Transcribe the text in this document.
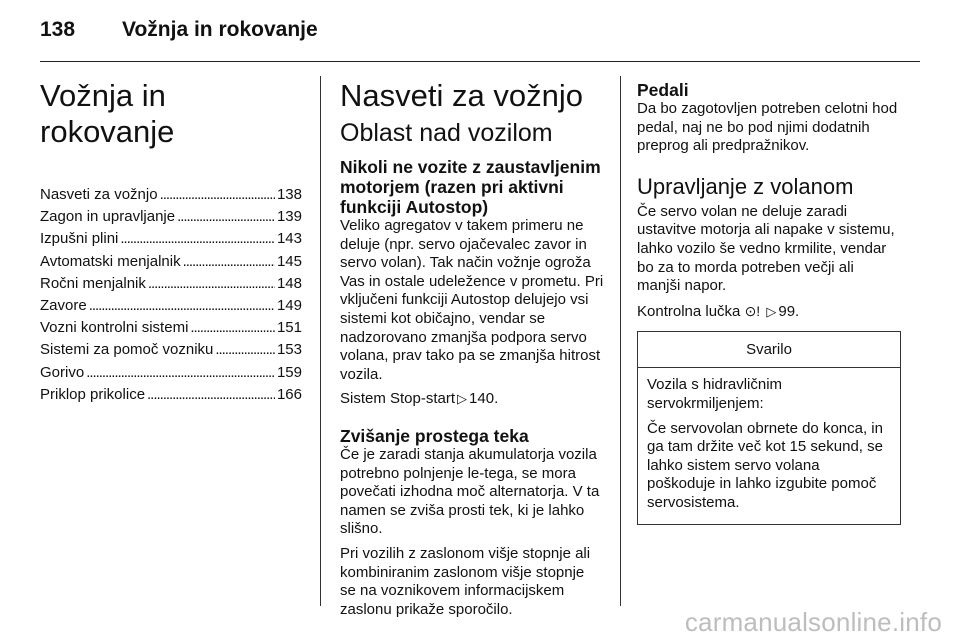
138 Vožnja in rokovanje
Vožnja in rokovanje
Nasveti za vožnjo . . .	138
Zagon in upravljanje . . .	139
Izpušni plini . . .	143
Avtomatski menjalnik . . .	145
Ročni menjalnik . . .	148
Zavore . . .	149
Vozni kontrolni sistemi . . .	151
Sistemi za pomoč vozniku . . .	153
Gorivo . . .	159
Priklop prikolice . . .	166
Nasveti za vožnjo
Oblast nad vozilom
Nikoli ne vozite z zaustavljenim motorjem (razen pri aktivni funkciji Autostop)

Veliko agregatov v takem primeru ne deluje (npr. servo ojačevalec zavor in servo volan). Tak način vožnje ogroža Vas in ostale udeležence v prometu. Pri vključeni funkciji Autostop delujejo vsi sistemi kot običajno, vendar se nadzorovano zmanjša podpora servo volana, prav tako pa se zmanjša hitrost vozila.

Sistem Stop-start ▷ 140.

Zvišanje prostega teka

Če je zaradi stanja akumulatorja vozila potrebno polnjenje le-tega, se mora povečati izhodna moč alternatorja. V ta namen se zviša prosti tek, ki je lahko slišno.

Pri vozilih z zaslonom višje stopnje ali kombiniranim zaslonom višje stopnje se na voznikovem informacijskem zaslonu prikaže sporočilo.

Pedali

Da bo zagotovljen potreben celotni hod pedal, naj ne bo pod njimi dodatnih preprog ali predpražnikov.

Upravljanje z volanom

Če servo volan ne deluje zaradi ustavitve motorja ali napake v sistemu, lahko vozilo še vedno krmilite, vendar bo za to morda potreben večji ali manjši napor.

Kontrolna lučka ⊙! ▷ 99.

Svarilo

Vozila s hidravličnim servokrmiljenjem:

Če servovolan obrnete do konca, in ga tam držite več kot 15 sekund, se lahko sistem servo volana poškoduje in lahko izgubite pomoč servosistema.

carmanualsonline.info
